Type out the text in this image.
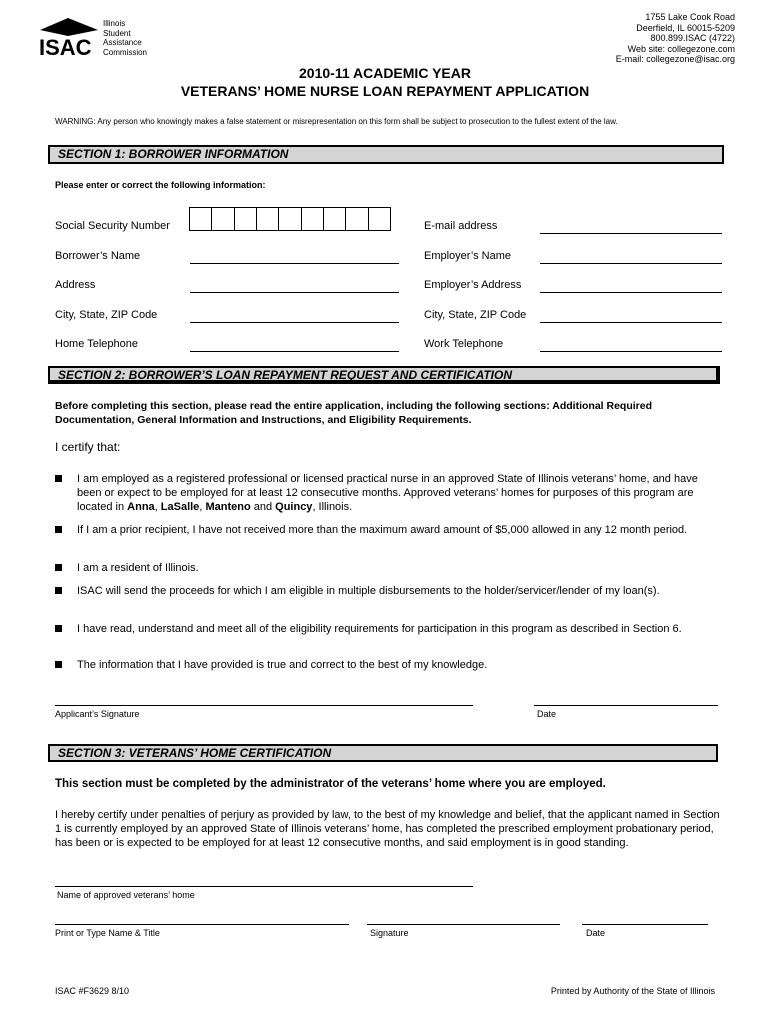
ISAC
Illinois
Student
Assistance
Commission
1755 Lake Cook Road
Deerfield, IL 60015-5209
800.899.ISAC (4722)
Web site: collegezone.com
E-mail: collegezone@isac.org
2010-11 ACADEMIC YEAR
VETERANS’ HOME NURSE LOAN REPAYMENT APPLICATION
WARNING: Any person who knowingly makes a false statement or misrepresentation on this form shall be subject to prosecution to the fullest extent of the law.
SECTION 1: BORROWER INFORMATION
Please enter or correct the following information:
Social Security Number
Borrower’s Name
Address
City, State, ZIP Code
Home Telephone
E-mail address
Employer’s Name
Employer’s Address
City, State, ZIP Code
Work Telephone
SECTION 2: BORROWER’S LOAN REPAYMENT REQUEST AND CERTIFICATION
Before completing this section, please read the entire application, including the following sections: Additional Required Documentation, General Information and Instructions, and Eligibility Requirements.
I certify that:
I am employed as a registered professional or licensed practical nurse in an approved State of Illinois veterans’ home, and have been or expect to be employed for at least 12 consecutive months. Approved veterans’ homes for purposes of this program are located in Anna, LaSalle, Manteno and Quincy, Illinois.
If I am a prior recipient, I have not received more than the maximum award amount of $5,000 allowed in any 12 month period.
I am a resident of Illinois.
ISAC will send the proceeds for which I am eligible in multiple disbursements to the holder/servicer/lender of my loan(s).
I have read, understand and meet all of the eligibility requirements for participation in this program as described in Section 6.
The information that I have provided is true and correct to the best of my knowledge.
Applicant’s Signature	Date
SECTION 3: VETERANS’ HOME CERTIFICATION
This section must be completed by the administrator of the veterans’ home where you are employed.
I hereby certify under penalties of perjury as provided by law, to the best of my knowledge and belief, that the applicant named in Section 1 is currently employed by an approved State of Illinois veterans’ home, has completed the prescribed employment probationary period, has been or is expected to be employed for at least 12 consecutive months, and said employment is in good standing.
Name of approved veterans’ home
Print or Type Name & Title	Signature	Date
ISAC #F3629 8/10	Printed by Authority of the State of Illinois
